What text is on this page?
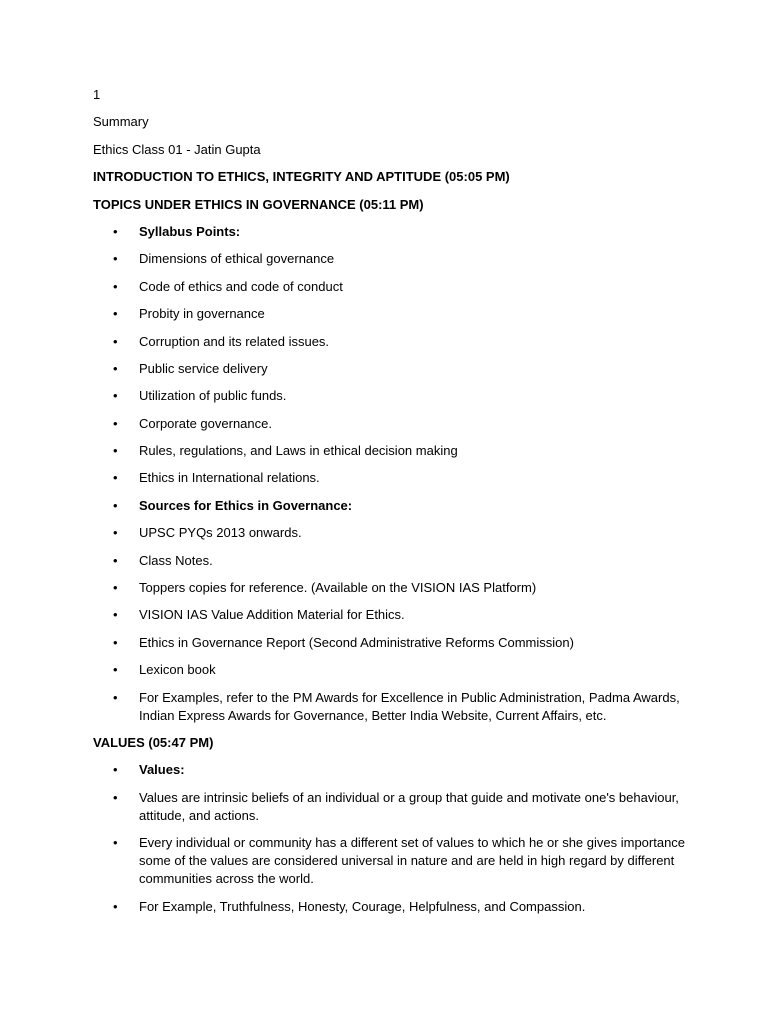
1
Summary
Ethics Class 01 - Jatin Gupta
INTRODUCTION TO ETHICS, INTEGRITY AND APTITUDE (05:05 PM)
TOPICS UNDER ETHICS IN GOVERNANCE (05:11 PM)
• Syllabus Points:
• Dimensions of ethical governance
• Code of ethics and code of conduct
• Probity in governance
• Corruption and its related issues.
• Public service delivery
• Utilization of public funds.
• Corporate governance.
• Rules, regulations, and Laws in ethical decision making
• Ethics in International relations.
• Sources for Ethics in Governance:
• UPSC PYQs 2013 onwards.
• Class Notes.
• Toppers copies for reference. (Available on the VISION IAS Platform)
• VISION IAS Value Addition Material for Ethics.
• Ethics in Governance Report (Second Administrative Reforms Commission)
• Lexicon book
• For Examples, refer to the PM Awards for Excellence in Public Administration, Padma Awards, Indian Express Awards for Governance, Better India Website, Current Affairs, etc.
VALUES (05:47 PM)
• Values:
• Values are intrinsic beliefs of an individual or a group that guide and motivate one's behaviour, attitude, and actions.
• Every individual or community has a different set of values to which he or she gives importance some of the values are considered universal in nature and are held in high regard by different communities across the world.
• For Example, Truthfulness, Honesty, Courage, Helpfulness, and Compassion.
